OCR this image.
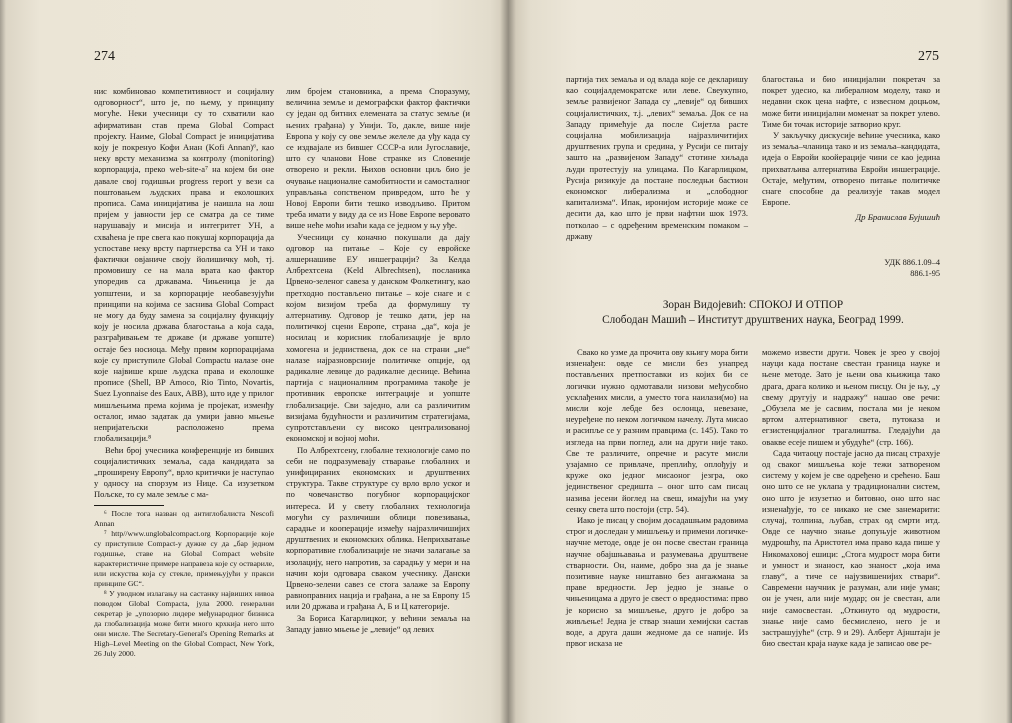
274

нис комбиновао компетитивност и социјалну одговорност“, што је, по њему, у принципу могуће. Неки учесници су то схватили као афирмативан став према Global Compact пројекту. Наиме, Global Compact је иницијатива коју је покренуо Кофи Анан (Kofi Annan)⁶, као некy врсту механизма за контролу (monitoring) корпорација, преко web-site-a⁷ на којем би оне давале свој годишњи progress report у вези са поштовањем људских права и еколошких прописа. Сама иницијатива је наишла на лош пријем у јавности јер се сматра да се тиме нарушавају и мисија и интегритет УН, а схваћена је пре свега као покушај корпорација да успоставе неку врсту партнерства са УН и тако фактички овјаниче своју йолишичку моћ, тј. промовишу се на мала врата као фактор упоредив са државама. Чињеница је да уопштени, и за корпорације необавезујући принципи на којима се заснива Global Compact не могу да буду замена за социјалну функцију коју је носила држава благостања а која сада, разграђивањем те државе (и државе уопште) остаје без носиоца. Међу првим корпорацијама које су приступиле Global Compactu налазе оне које највише крше људска права и еколошке прописе (Shell, BP Amoco, Rio Tinto, Novartis, Suez Lyonnaise des Eaux, ABB), што иде у прилог мишљењима према којима је пројекат, изменђу осталог, имао задатак да умири јавно мњење непријатељски расположено према глобализацији.⁸

Већи број учесника конференције из бивших социјалистичких земаља, сада кандидата за „проширену Европу“, врло критички је наступао у односу на спорзум из Нице. Са изузетком Пољске, то су мале земље с ма-

⁶ После тога назван од антиглобалиста Nescofi Annan

⁷ http//www.unglobalcompact.org Корпорације које су приступиле Compact-у дужне су да „бар једном годишње, ставе на Global Compact website карактеристичне примере направеза које су оствариле, или искуства која су стекле, примењујући у пракси принципе GC“.

⁸ У уводном излагању на састанку највиших нивоа поводом Global Compacta, јула 2000. генерални секретар је „упозорио лидере међународног бизниса да глобализација може бити много крхкија него што они мисле. The Secretary-General's Opening Remarks at High–Level Meeting on the Global Compact, New York, 26 July 2000.

лим бројем становника, а према Споразуму, величина земље и демографски фактор фактички су један од битних елемената за статус земље (и њених грађана) у Унији. То, дакле, више није Европа у коју су ове земље желеле да уђу када су се издвајале из бившег СССР-а или Југославије, што су чланови Нове странке из Словеније отворено и рекли. Њихов основни циљ био је очување националне самобитности и самосталног управљања сопственом привредом, што ће у Новој Европи бити тешко изводљиво. Притом треба имати у виду да се из Нове Европе веровато више неће моћи изаћи када се једном у њу уђе.

Учесници су коначно покушали да дају одговор на питање – Које су евройске алшернашиве ЕУ иншеграцији? За Келда Албрехтсена (Keld Albrechtsen), посланика Црвено-зеленог савеза у данском Фолкетингу, као претходно постављено питање – које снаге и с којом визијом треба да формулишу ту алтернативу. Одговор је тешко дати, јер на политичкој сцени Европе, страна „да“, која је носилац и корисник глобализације је врло хомогена и једниствена, док се на страни „не“ налазе најразноврсније политичке опције, од радикалне левице до радикалне деснице. Већина партија с националним програмима такође је противник европске интеграције и уопште глобализације. Сви заједно, али са различитим визијама будућности и различитим стратегијама, супротстављени су високо централизованој економској и војној моћи.

По Албрехтсену, глобалне технологије само по себи не подразумевају стварање глобалних и унифицираних економских и друштвених структура. Такве структуре су врло врло ускоr и по човечанство погубног корпорацијског интереса. И у свету глобалних технологија могући су различиши облици повезивања, сарадње и кооперације између најразличишијих друштвених и економских облика. Неприхватање корпоративне глобализације не значи залагање за изолацију, него напротив, за сарадњу у мери и на начин који одговара свакoм учеснику. Дански Црвено-зелени савез се стога залаже за Европу равноправних нација и грађана, а не за Европу 15 или 20 држава и грађана А, Б и Ц категорије.

За Бориса Кагарлицког, у већини земаља на Западу јавно мњење је „левиje“ од левих

275

партија тих земаља и од влада које се декларишу као социјалдемократске или леве. Свеукупно, земље развијеног Запада су „левије“ од бивших социјалистичких, т.ј. „левих“ земаља. Док се на Западу примећује да после Сијетла расте социјална мобилизација најразличитијих друштвених група и средина, у Русији се питају зашто на „развијеном Западу“ стотине хиљада људи протестују на улицама. По Кагарлицком, Русија ризикује да постане последњи бастион економског либерализма и „слободног капитализма“. Ипак, иронијом историје може се десити да, као што је први нафтни шок 1973. потколао – с одређеним временским помаком – државу

благостања и био иницијални покретач за покрет удесно, ка либералном моделу, тако и недавни скок цена нафте, с извесном доцњом, може бити иницијални моменат за покрет улево. Тиме би точак историје затворио круг.

У закључку дискусије већине учесника, како из земаља–чланица тако и из земаља–кандидата, идеја о Евройи коойерације чини се као једина прихватљива алтернатива Евройи иншеграције. Остаје, међутим, отворено питање политичке снаге способне да реализује такав модел Европе.

Др Бранислав Бујишић
УДК 886.1.09–4
886.1-95
Зоран Видојевић: СПОКОЈ И ОТПОР
Слободан Машић – Институт друштвених наука, Београд 1999.

Свако ко узме да прочита ову књигу мора бити изненађен: овде се мисли без унапред постављених претпоставки из којих би се логички нужно одмотавали низови међусобно усклађених мисли, а уместо тога наилази(мо) на мисли које лебде без ослонца, невезане, неуређене по неком логичком начелу. Лута мисао и расипље се у разним правцима (с. 145). Тако то изгледа на први поглед, али на други није тако. Све те различите, опречне и расуте мисли узајамно се привлаче, преплићу, оплођују и кружe око једног мисаоног језгра, око јединственог средишта – оног што сам писац назива јесени йоглед на свеш, имајући на уму сенку света што постоји (стр. 54).

Иако је писац у својим досадашњим радовима строг и доследан у мишљењу и примени логичке-научне методе, овде је он посве свестан граница научне обајшњавања и разумевања друштвене стварности. Он, наиме, добро зна да је знање позитивне науке ништавно без ангажмана за праве вредности. Јер једно је знање о чињеницама а друго је свест о вредностима: прво је корисно за мишљење, друго је добро за живљење! Једна је ствар знаши хемијски састав воде, а друга даши жедноме да се напије. Из првог исказа не

можемо извести други. Човек је зрео у својој науци када постане свестан граница науке и њене методе. Зато је њени ова књижица тако драга, драга колико и њеном писцу. Он је њу, „у свему другују и надражу“ нашао ове речи: „Обузела ме је сасвим, постала ми је неком вртом алтернативног света, путоказа и егзистенцијалног трагалиштва. Гледајући да оваквe есеје пишем и убудуће“ (стр. 166).

Сада читаоцу постаје јасно да писац стрaхује од сваког мишљења које тежи затвореном систему у којем је све одређено и срећено. Баш оно што се не уклапа у традиционални систем, оно што је изузетно и битовно, оно што нас изненађује, то се никако не сме занемарити: случај, толпина, љубав, страх од смрти итд. Овде се научно знање допуњује животном мудрошћу, па Аристотел има право када пише у Никомаховој ешици: „Стога мудрост мора бити и умност и знаност, као знаност „која има главу“, а тиче се најузвишенијих ствари“. Савремени научник је разуман, али није умaн; он је учен, али није мудар; он је свестан, али није самосвестан. „Откинуто од мудрости, знање није само бесмислено, него је и застрашујуће“ (стр. 9 и 29). Алберт Ајнштајн је био свестан краја науке када је записао ове ре-
